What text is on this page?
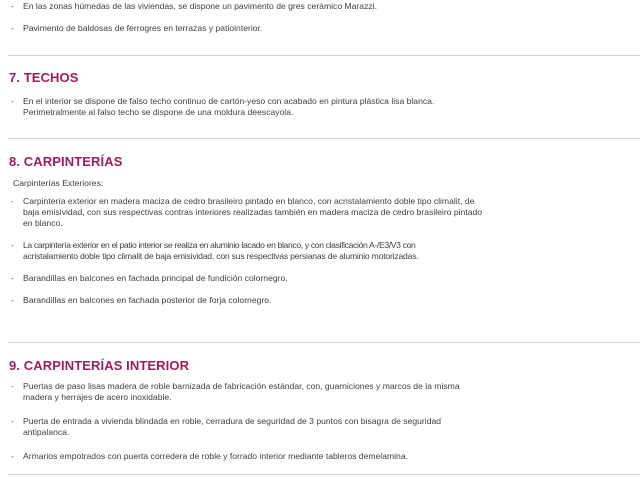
- En las zonas húmedas de las viviendas, se dispone un pavimento de gres cerámico Marazzi.

- Pavimento de baldosas de ferrogres en terrazas y patiointerior.

7. TECHOS
- En el interior se dispone de falso techo continuo de cartón-yeso con acabado en pintura plástica lisa blanca.

Perimetralmente al falso techo se dispone de una moldura deescayola.

8. CARPINTERÍAS

Carpinterías Exteriores:

- Carpintería exterior en madera maciza de cedro brasileiro pintado en blanco, con acristalamiento doble tipo climalit, de

baja emisividad, con sus respectivas contras interiores realizadas también en madera maciza de cedro brasileiro pintado

en blanco.

- La carpintería exterior en el patio interior se realiza en aluminio lacado en blanco, y con clasificación A-/E3/V3 con

acristalamiento doble tipo climalit de baja emisividad, con sus respectivas persianas de aluminio motorizadas.

- Barandillas en balcones en fachada principal de fundición colornegro.

- Barandillas en balcones en fachada posterior de forja colornegro.

9. CARPINTERÍAS INTERIOR
- Puertas de paso lisas madera de roble barnizada de fabricación estándar, con, guarniciones y marcos de la misma

madera y herrajes de acero inoxidable.

- Puerta de entrada a vivienda blindada en roble, cerradura de seguridad de 3 puntos con bisagra de seguridad

antipalanca.

- Armarios empotrados con puerta corredera de roble y forrado interior mediante tableros demelamina.
